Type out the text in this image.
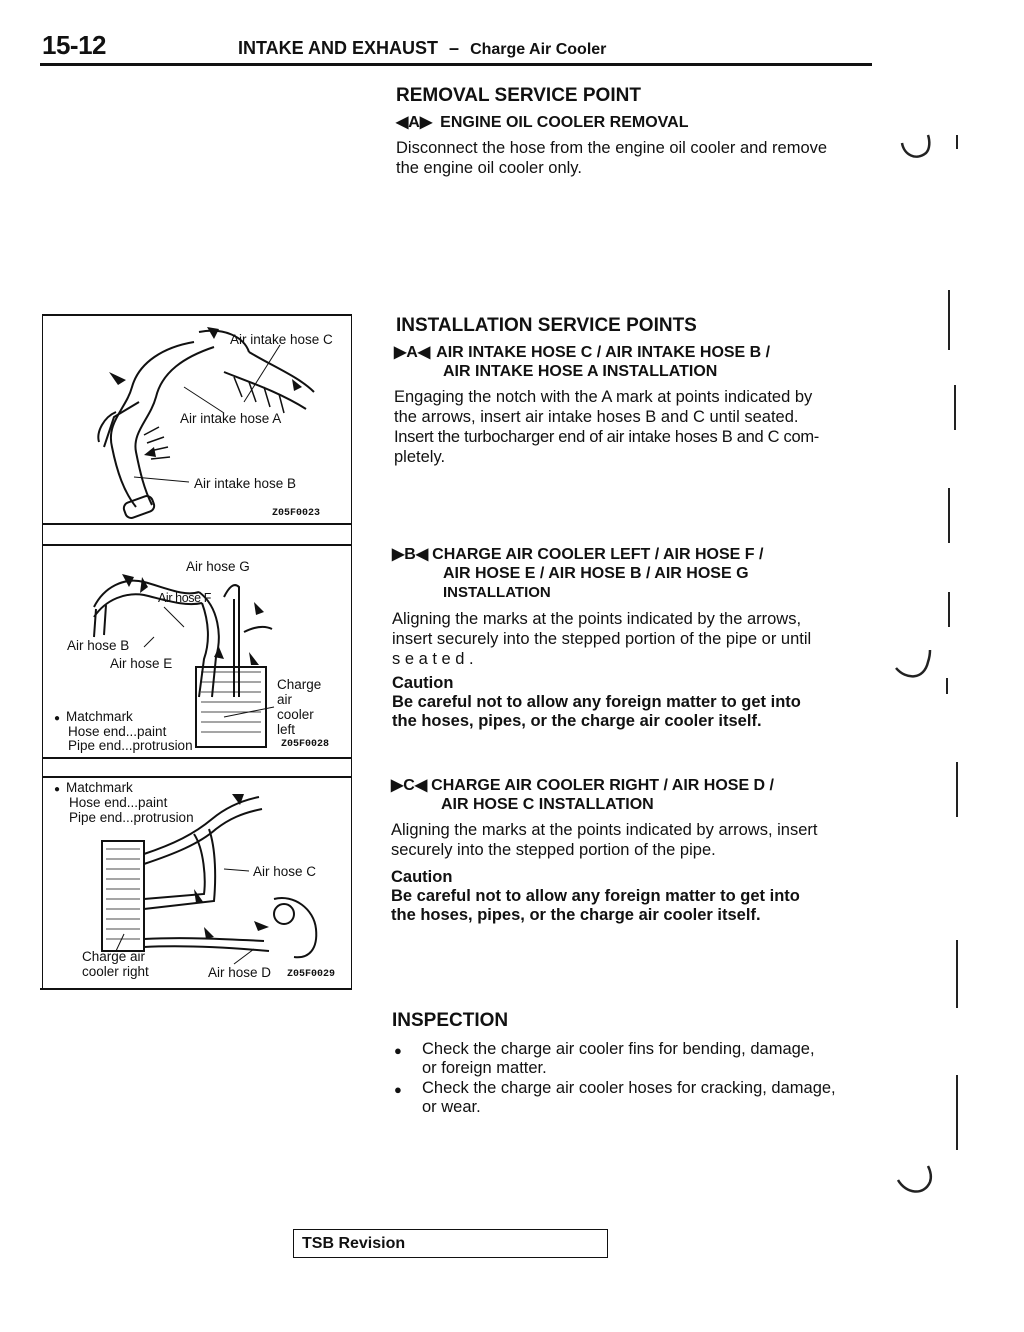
15-12	INTAKE AND EXHAUST – Charge Air Cooler
REMOVAL SERVICE POINT
◀A▶ ENGINE OIL COOLER REMOVAL
Disconnect the hose from the engine oil cooler and remove
the engine oil cooler only.
INSTALLATION SERVICE POINTS
▶A◀ AIR INTAKE HOSE C / AIR INTAKE HOSE B /
AIR INTAKE HOSE A INSTALLATION
Engaging the notch with the A mark at points indicated by
the arrows, insert air intake hoses B and C until seated.
Insert the turbocharger end of air intake hoses B and C com-
pletely.
▶B◀ CHARGE AIR COOLER LEFT / AIR HOSE F /
AIR HOSE E / AIR HOSE B / AIR HOSE G
INSTALLATION
Aligning the marks at the points indicated by the arrows,
insert securely into the stepped portion of the pipe or until
s e a t e d .
Caution
Be careful not to allow any foreign matter to get into
the hoses, pipes, or the charge air cooler itself.
▶C◀ CHARGE AIR COOLER RIGHT / AIR HOSE D /
AIR HOSE C INSTALLATION
Aligning the marks at the points indicated by arrows, insert
securely into the stepped portion of the pipe.
Caution
Be careful not to allow any foreign matter to get into
the hoses, pipes, or the charge air cooler itself.
INSPECTION
● Check the charge air cooler fins for bending, damage,
or foreign matter.
● Check the charge air cooler hoses for cracking, damage,
or wear.
Air intake hose C
Air intake hose A
Air intake hose B
Z05F0023
Air hose G
Air hose F
Air hose B
Air hose E
Charge
air
cooler
left
● Matchmark
Hose end...paint
Pipe end...protrusion	Z05F0028
● Matchmark
Hose end...paint
Pipe end...protrusion
Air hose C
Charge air
cooler right	Air hose D Z05F0029
TSB Revision
